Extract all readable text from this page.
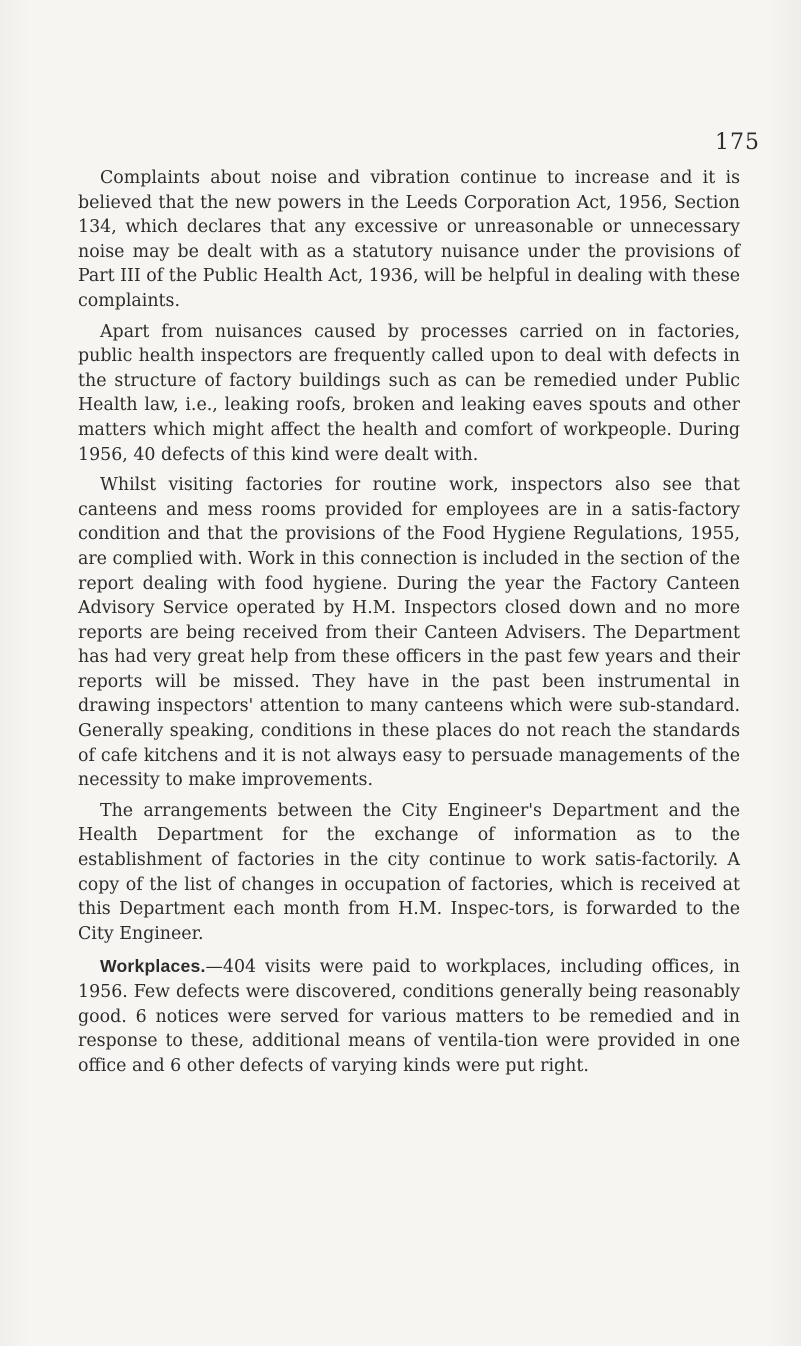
175

Complaints about noise and vibration continue to increase and it is believed that the new powers in the Leeds Corporation Act, 1956, Section 134, which declares that any excessive or unreasonable or unnecessary noise may be dealt with as a statutory nuisance under the provisions of Part III of the Public Health Act, 1936, will be helpful in dealing with these complaints.

Apart from nuisances caused by processes carried on in factories, public health inspectors are frequently called upon to deal with defects in the structure of factory buildings such as can be remedied under Public Health law, i.e., leaking roofs, broken and leaking eaves spouts and other matters which might affect the health and comfort of workpeople. During 1956, 40 defects of this kind were dealt with.

Whilst visiting factories for routine work, inspectors also see that canteens and mess rooms provided for employees are in a satis-factory condition and that the provisions of the Food Hygiene Regulations, 1955, are complied with. Work in this connection is included in the section of the report dealing with food hygiene. During the year the Factory Canteen Advisory Service operated by H.M. Inspectors closed down and no more reports are being received from their Canteen Advisers. The Department has had very great help from these officers in the past few years and their reports will be missed. They have in the past been instrumental in drawing inspectors' attention to many canteens which were sub-standard. Generally speaking, conditions in these places do not reach the standards of cafe kitchens and it is not always easy to persuade managements of the necessity to make improvements.

The arrangements between the City Engineer's Department and the Health Department for the exchange of information as to the establishment of factories in the city continue to work satis-factorily. A copy of the list of changes in occupation of factories, which is received at this Department each month from H.M. Inspec-tors, is forwarded to the City Engineer.

Workplaces.—404 visits were paid to workplaces, including offices, in 1956. Few defects were discovered, conditions generally being reasonably good. 6 notices were served for various matters to be remedied and in response to these, additional means of ventila-tion were provided in one office and 6 other defects of varying kinds were put right.
